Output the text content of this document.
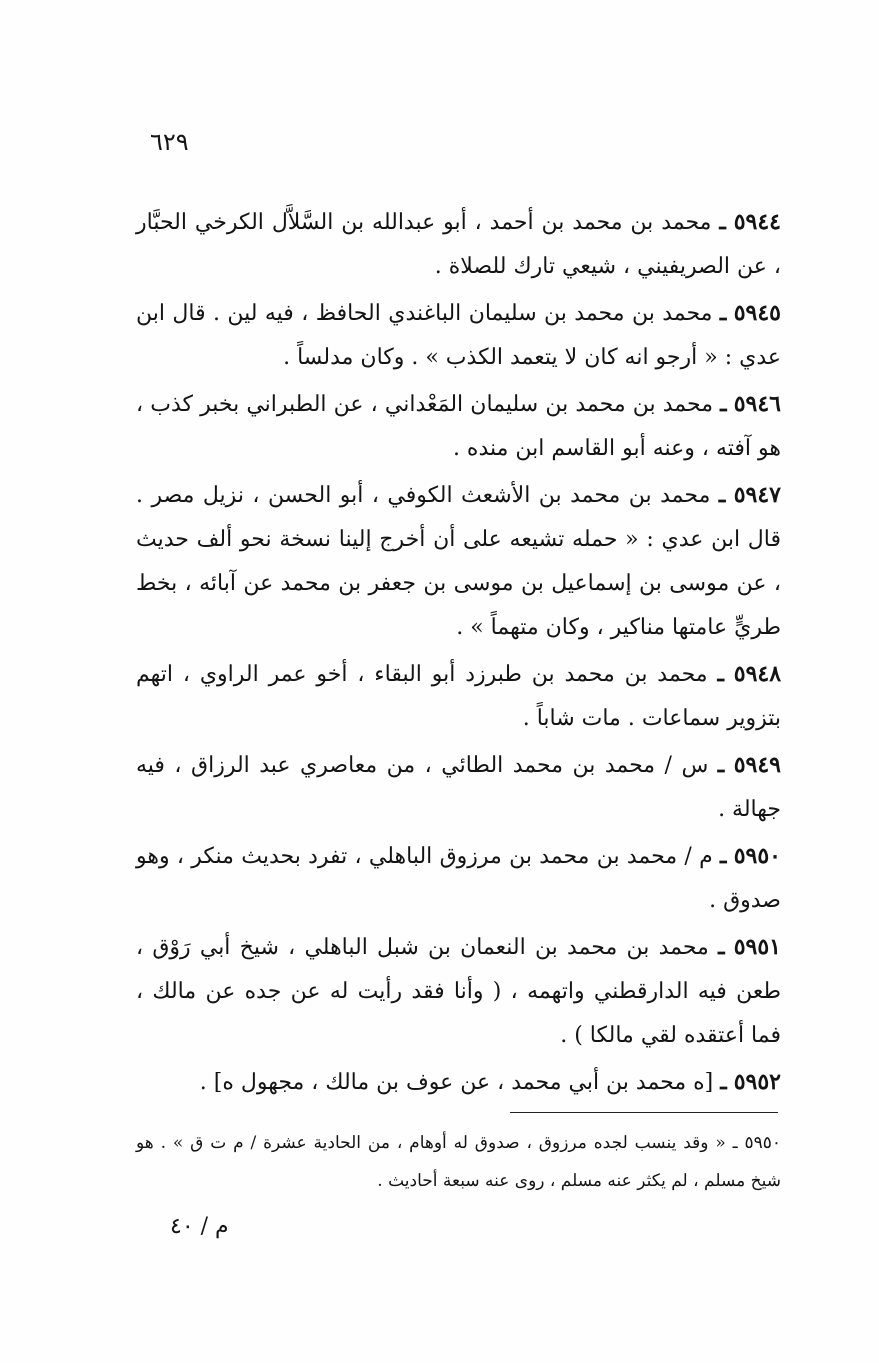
٦٢٩

٥٩٤٤ ـ محمد بن محمد بن أحمد ، أبو عبدالله بن السَّلاَّل الكرخي الحبَّار ، عن الصريفيني ، شيعي تارك للصلاة .

٥٩٤٥ ـ محمد بن محمد بن سليمان الباغندي الحافظ ، فيه لين . قال ابن عدي : « أرجو انه كان لا يتعمد الكذب » . وكان مدلساً .

٥٩٤٦ ـ محمد بن محمد بن سليمان المَعْداني ، عن الطبراني بخبر كذب ، هو آفته ، وعنه أبو القاسم ابن منده .

٥٩٤٧ ـ محمد بن محمد بن الأشعث الكوفي ، أبو الحسن ، نزيل مصر . قال ابن عدي : « حمله تشيعه على أن أخرج إلينا نسخة نحو ألف حديث ، عن موسى بن إسماعيل بن موسى بن جعفر بن محمد عن آبائه ، بخط طريٍّ عامتها مناكير ، وكان متهماً » .

٥٩٤٨ ـ محمد بن محمد بن طبرزد أبو البقاء ، أخو عمر الراوي ، اتهم بتزوير سماعات . مات شاباً .

٥٩٤٩ ـ س / محمد بن محمد الطائي ، من معاصري عبد الرزاق ، فيه جهالة .

٥٩٥٠ ـ م / محمد بن محمد بن مرزوق الباهلي ، تفرد بحديث منكر ، وهو صدوق .

٥٩٥١ ـ محمد بن محمد بن النعمان بن شبل الباهلي ، شيخ أبي رَوْق ، طعن فيه الدارقطني واتهمه ، ( وأنا فقد رأيت له عن جده عن مالك ، فما أعتقده لقي مالكا ) .

٥٩٥٢ ـ [ه محمد بن أبي محمد ، عن عوف بن مالك ، مجهول ه] .

٥٩٥٠ ـ « وقد ينسب لجده مرزوق ، صدوق له أوهام ، من الحادية عشرة / م ت ق » . هو شيخ مسلم ، لم يكثر عنه مسلم ، روى عنه سبعة أحاديث .
م / ٤٠
